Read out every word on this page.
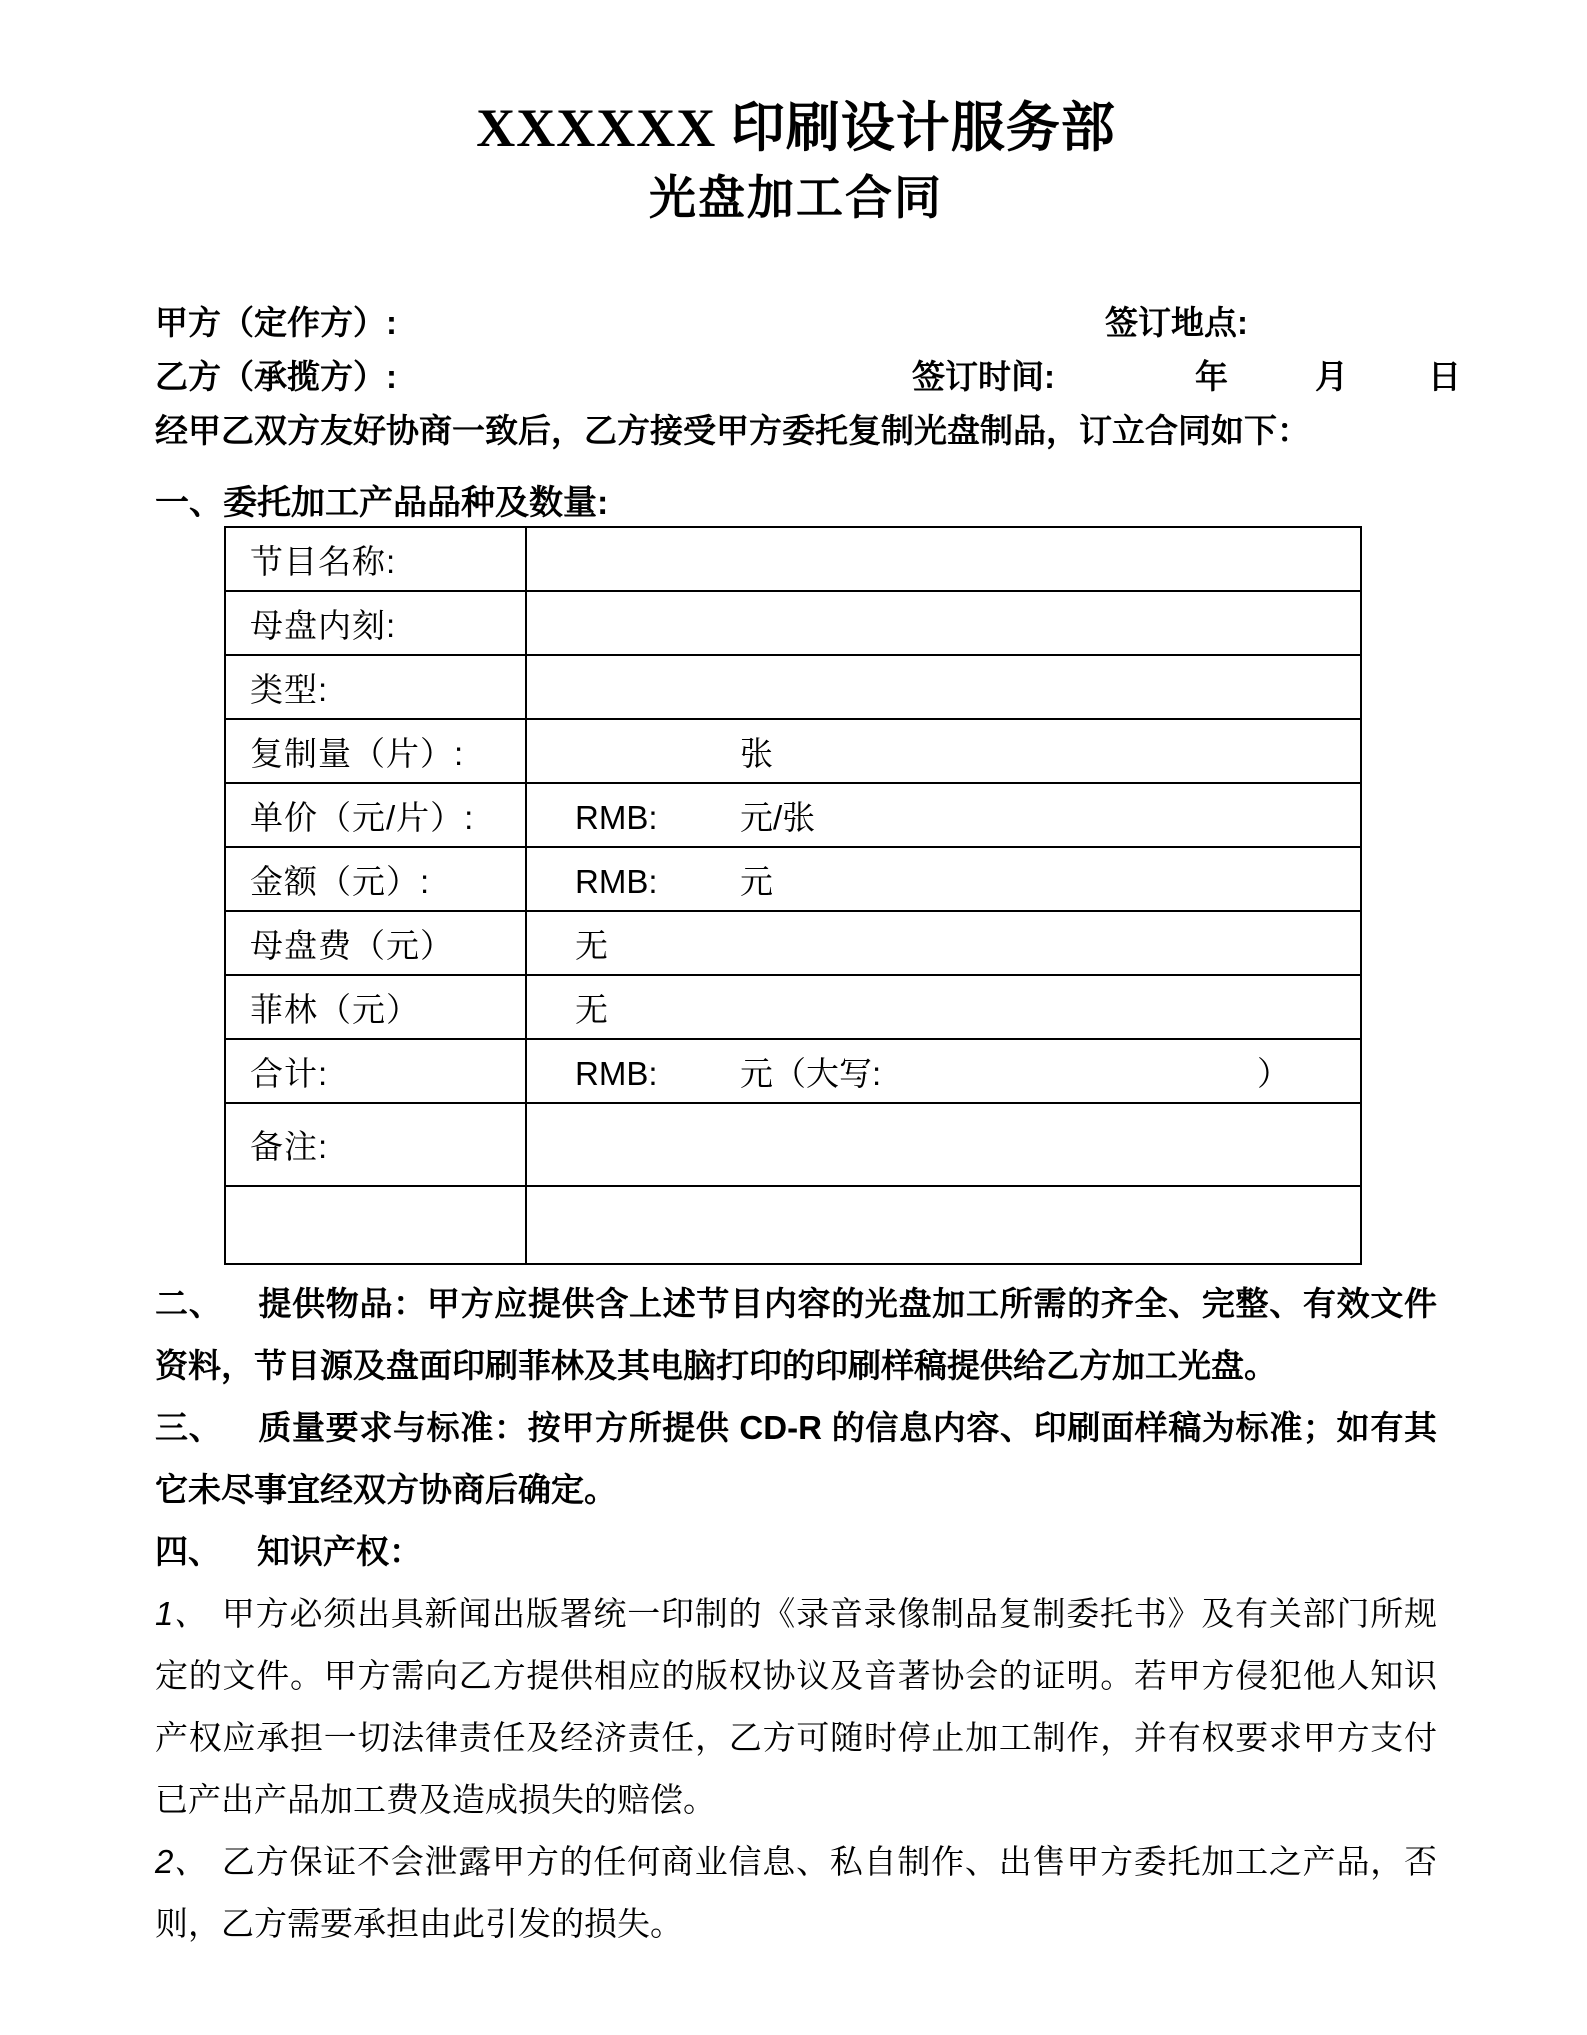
XXXXXX 印刷设计服务部
光盘加工合同
甲方（定作方）:	签订地点:
乙方（承揽方）:	签订时间:	年	月 日
经甲乙双方友好协商一致后，乙方接受甲方委托复制光盘制品，订立合同如下：
一、委托加工产品品种及数量:
节目名称:	

母盘内刻:	

类型:	

复制量（片）:	张

单价（元/片）:	RMB: 元/张

金额（元）:	RMB: 元

母盘费（元）	无

菲林（元）	无

合计:	RMB: 元（大写: ）

备注:	

二、 提供物品：甲方应提供含上述节目内容的光盘加工所需的齐全、完整、有效文件资料，节目源及盘面印刷菲林及其电脑打印的印刷样稿提供给乙方加工光盘。

三、 质量要求与标准：按甲方所提供 CD-R 的信息内容、印刷面样稿为标准；如有其它未尽事宜经双方协商后确定。

四、 知识产权：

1、 甲方必须出具新闻出版署统一印制的《录音录像制品复制委托书》及有关部门所规定的文件。甲方需向乙方提供相应的版权协议及音著协会的证明。若甲方侵犯他人知识产权应承担一切法律责任及经济责任，乙方可随时停止加工制作，并有权要求甲方支付已产出产品加工费及造成损失的赔偿。

2、 乙方保证不会泄露甲方的任何商业信息、私自制作、出售甲方委托加工之产品，否则，乙方需要承担由此引发的损失。
